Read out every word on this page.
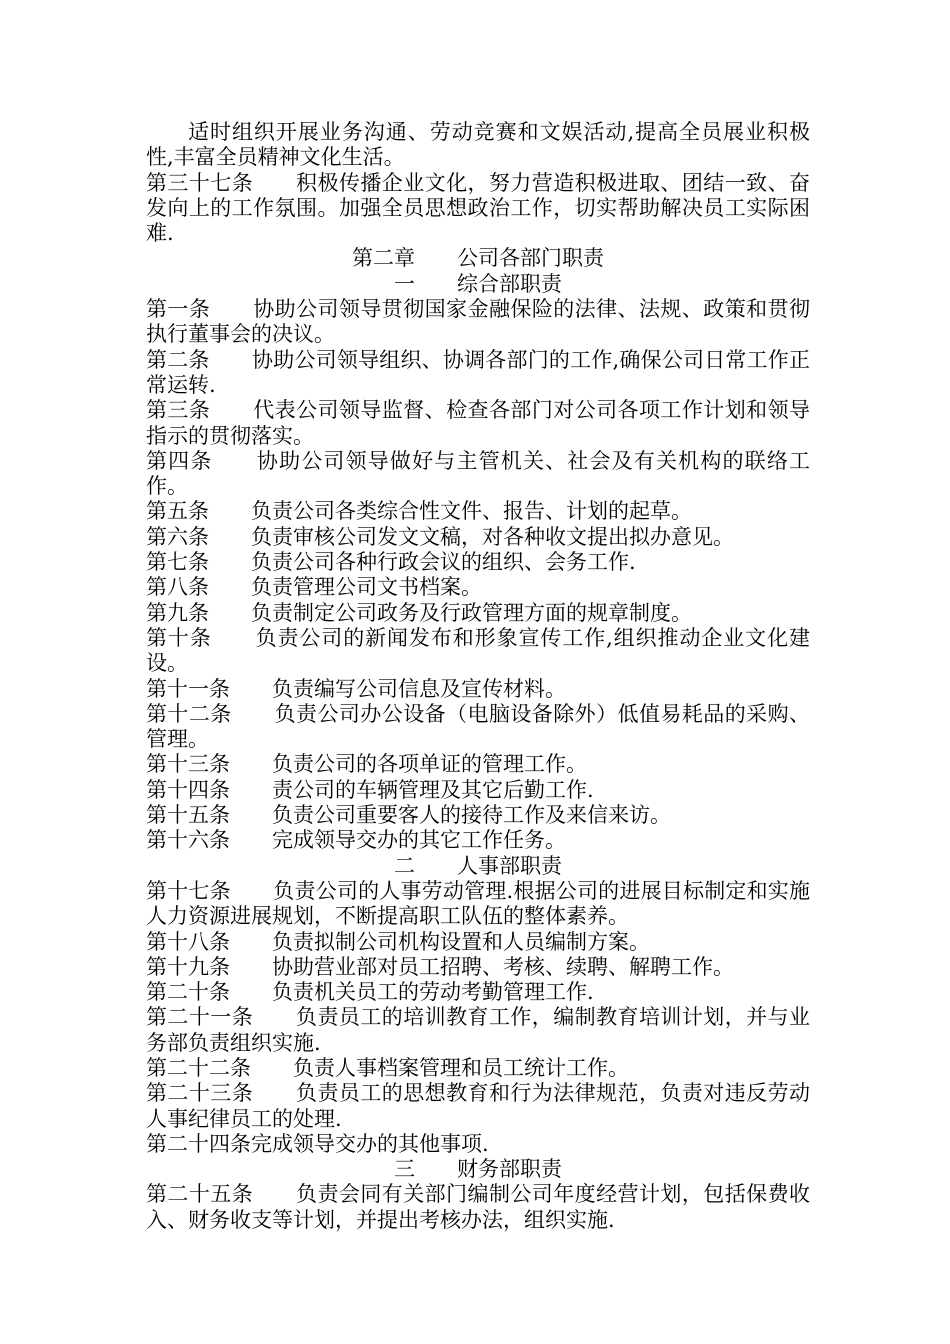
适时组织开展业务沟通、劳动竞赛和文娱活动,提高全员展业积极性,丰富全员精神文化生活。

第三十七条　　 积极传播企业文化，努力营造积极进取、团结一致、奋发向上的工作氛围。加强全员思想政治工作，切实帮助解决员工实际困难.

第二章　　公司各部门职责

一　　综合部职责

第一条　　 协助公司领导贯彻国家金融保险的法律、法规、政策和贯彻执行董事会的决议。

第二条　　 协助公司领导组织、协调各部门的工作,确保公司日常工作正常运转.

第三条　　 代表公司领导监督、检查各部门对公司各项工作计划和领导指示的贯彻落实。

第四条　　 协助公司领导做好与主管机关、社会及有关机构的联络工作。

第五条　　 负责公司各类综合性文件、报告、计划的起草。

第六条　　 负责审核公司发文文稿，对各种收文提出拟办意见。

第七条　　 负责公司各种行政会议的组织、会务工作.

第八条　　 负责管理公司文书档案。

第九条　　 负责制定公司政务及行政管理方面的规章制度。

第十条　　 负责公司的新闻发布和形象宣传工作,组织推动企业文化建设。

第十一条　　 负责编写公司信息及宣传材料。

第十二条　　 负责公司办公设备（电脑设备除外）低值易耗品的采购、管理。

第十三条　　 负责公司的各项单证的管理工作。

第十四条　　 责公司的车辆管理及其它后勤工作.

第十五条　　 负责公司重要客人的接待工作及来信来访。

第十六条　　 完成领导交办的其它工作任务。

二　　人事部职责

第十七条　　 负责公司的人事劳动管理.根据公司的进展目标制定和实施人力资源进展规划，不断提高职工队伍的整体素养。

第十八条　　 负责拟制公司机构设置和人员编制方案。

第十九条　　 协助营业部对员工招聘、考核、续聘、解聘工作。

第二十条　　 负责机关员工的劳动考勤管理工作.

第二十一条　　 负责员工的培训教育工作，编制教育培训计划，并与业务部负责组织实施.

第二十二条　　 负责人事档案管理和员工统计工作。

第二十三条　　 负责员工的思想教育和行为法律规范，负责对违反劳动人事纪律员工的处理.

第二十四条完成领导交办的其他事项.

三　　财务部职责

第二十五条　　 负责会同有关部门编制公司年度经营计划，包括保费收入、财务收支等计划，并提出考核办法，组织实施.
